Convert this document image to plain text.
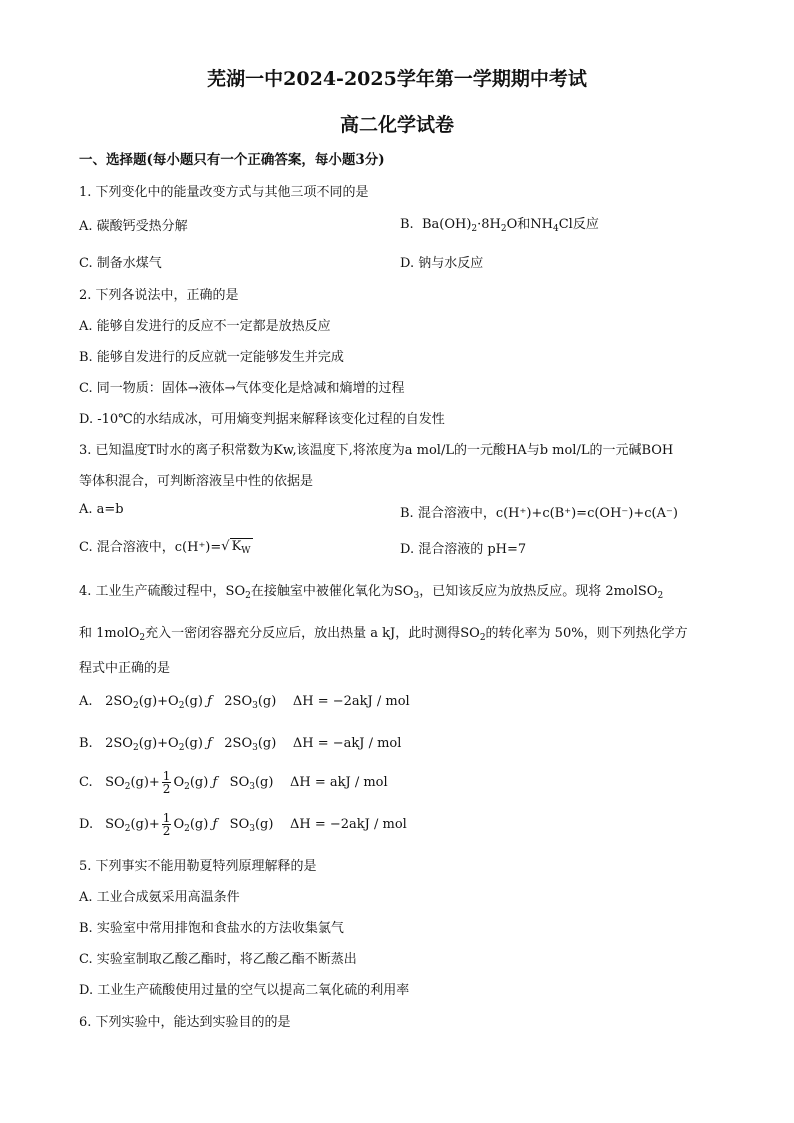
芜湖一中2024-2025学年第一学期期中考试
高二化学试卷
一、选择题(每小题只有一个正确答案，每小题3分)
1. 下列变化中的能量改变方式与其他三项不同的是
A. 碳酸钙受热分解	B.  $Ba(OH)_2\cdot 8H_2O$和$NH_4Cl$反应
C. 制备水煤气	D. 钠与水反应
2. 下列各说法中，正确的是
A. 能够自发进行的反应不一定都是放热反应
B. 能够自发进行的反应就一定能够发生并完成
C. 同一物质：固体→液体→气体变化是焓减和熵增的过程
D. -10℃的水结成冰，可用熵变判据来解释该变化过程的自发性
3. 已知温度T时水的离子积常数为Kw,该温度下,将浓度为a mol/L的一元酸HA与b mol/L的一元碱BOH
等体积混合，可判断溶液呈中性的依据是
A. a=b	B. 混合溶液中，c(H⁺)+c(B⁺)=c(OH⁻)+c(A⁻)
C. 混合溶液中，c(H⁺)=√ $K_W$	D. 混合溶液的 pH=7
4. 工业生产硫酸过程中，$SO_2$在接触室中被催化氧化为$SO_3$，已知该反应为放热反应。现将 2molSO$_2$
和 1molO$_2$充入一密闭容器充分反应后，放出热量 a kJ，此时测得$SO_2$的转化率为 50%，则下列热化学方
程式中正确的是
A. $2SO_2(g)+O_2(g)$ ƒ   $2SO_3(g)$    ΔH = −2akJ / mol
B. $2SO_2(g)+O_2(g)$ ƒ   $2SO_3(g)$    ΔH = −akJ / mol
C. $SO_2(g)+ \frac{1}{2} O_2(g)$ ƒ   $SO_3(g)$    ΔH = akJ / mol
D. $SO_2(g)+ \frac{1}{2} O_2(g)$ ƒ   $SO_3(g)$    ΔH = −2akJ / mol
5. 下列事实不能用勒夏特列原理解释的是
A. 工业合成氨采用高温条件
B. 实验室中常用排饱和食盐水的方法收集氯气
C. 实验室制取乙酸乙酯时，将乙酸乙酯不断蒸出
D. 工业生产硫酸使用过量的空气以提高二氧化硫的利用率
6. 下列实验中，能达到实验目的的是
